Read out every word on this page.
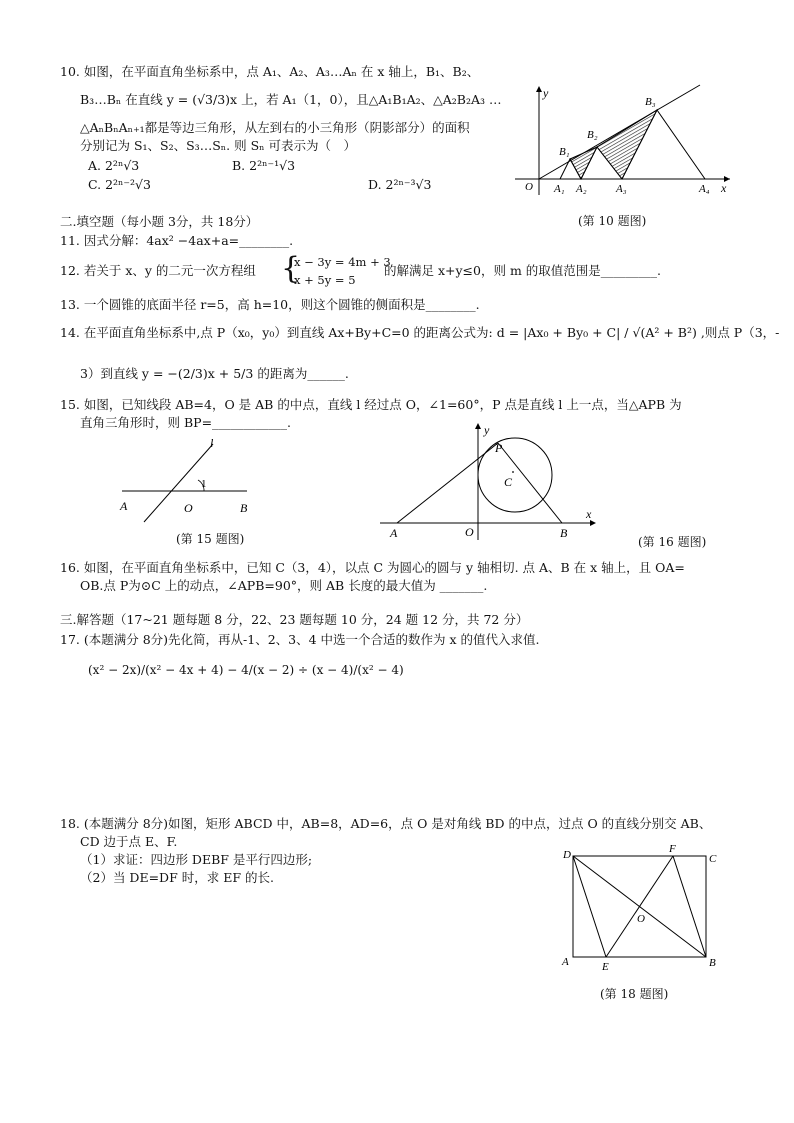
10. 如图，在平面直角坐标系中，点 A₁、A₂、A₃…Aₙ 在 x 轴上，B₁、B₂、
B₃…Bₙ 在直线 y = (√3/3)x 上，若 A₁（1，0），且△A₁B₁A₂、△A₂B₂A₃ …
△AₙBₙAₙ₊₁都是等边三角形，从左到右的小三角形（阴影部分）的面积
分别记为 S₁、S₂、S₃…Sₙ. 则 Sₙ 可表示为（　）
A. 2²ⁿ√3	B. 2²ⁿ⁻¹√3
C. 2²ⁿ⁻²√3	D. 2²ⁿ⁻³√3
y
x
O A₁ A₂	A₃	A₄
B₁
B₂
B₃
(第 10 题图)
二.填空题（每小题 3分，共 18分）
11. 因式分解：4ax² −4ax+a=________.
12. 若关于 x、y 的二元一次方程组 {
x − 3y = 4m + 3
x + 5y = 5
的解满足 x+y≤0，则 m 的取值范围是_________.
13. 一个圆锥的底面半径 r=5，高 h=10，则这个圆锥的侧面积是________.
14. 在平面直角坐标系中,点 P（x₀，y₀）到直线 Ax+By+C=0 的距离公式为: d = |Ax₀ + By₀ + C| / √(A² + B²) ,则点 P（3，-
3）到直线 y = −(2/3)x + 5/3 的距离为______.
15. 如图，已知线段 AB=4，O 是 AB 的中点，直线 l 经过点 O，∠1=60°，P 点是直线 l 上一点，当△APB 为
直角三角形时，则 BP=____________.
l
1
A	O	B
(第 15 题图)
y
x
P
C
A	O	B
(第 16 题图)
16. 如图，在平面直角坐标系中，已知 C（3，4），以点 C 为圆心的圆与 y 轴相切. 点 A、B 在 x 轴上，且 OA=
OB.点 P为⊙C 上的动点，∠APB=90°，则 AB 长度的最大值为 _______.
三.解答题（17~21 题每题 8 分，22、23 题每题 10 分，24 题 12 分，共 72 分）
17. (本题满分 8分)先化简，再从-1、2、3、4 中选一个合适的数作为 x 的值代入求值.
(x² − 2x)/(x² − 4x + 4) − 4/(x − 2) ÷ (x − 4)/(x² − 4)
18. (本题满分 8分)如图，矩形 ABCD 中，AB=8，AD=6，点 O 是对角线 BD 的中点，过点 O 的直线分别交 AB、
CD 边于点 E、F.
（1）求证：四边形 DEBF 是平行四边形;
（2）当 DE=DF 时，求 EF 的长.
D	F
C
O
A	E	B
(第 18 题图)
